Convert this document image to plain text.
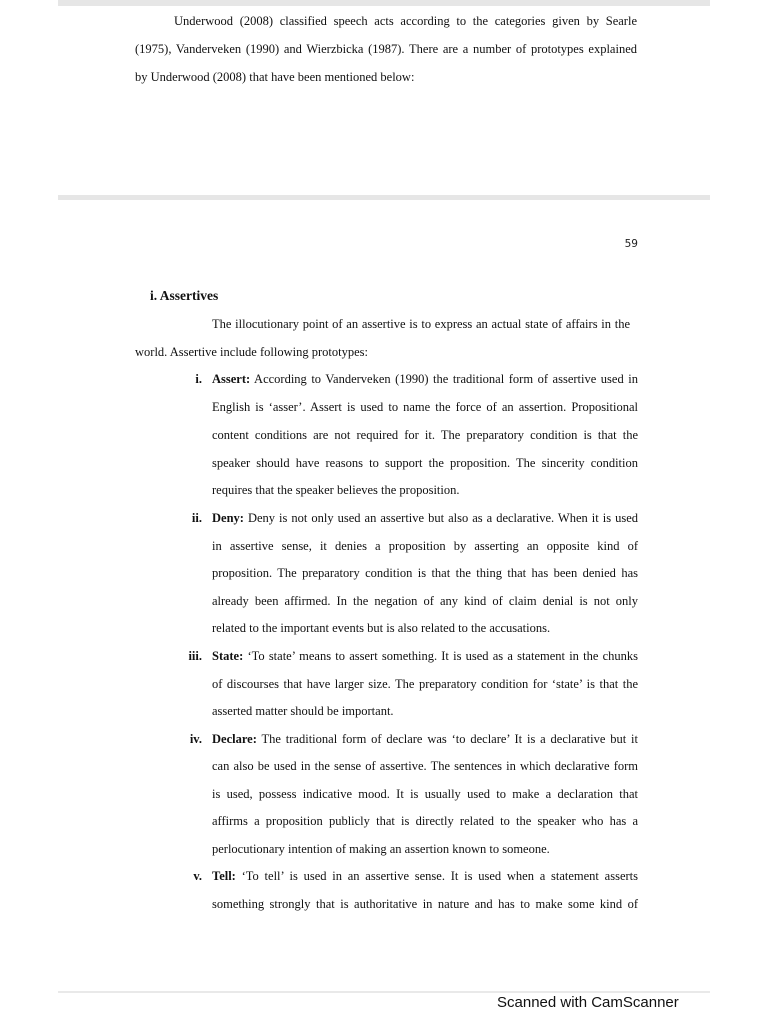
Underwood (2008) classified speech acts according to the categories given by Searle
(1975), Vanderveken (1990) and Wierzbicka (1987). There are a number of prototypes explained
by Underwood (2008) that have been mentioned below:
59
i. Assertives
The illocutionary point of an assertive is to express an actual state of affairs in the
world. Assertive include following prototypes:
i. Assert: According to Vanderveken (1990) the traditional form of assertive used in
English is ‘asser’. Assert is used to name the force of an assertion. Propositional
content conditions are not required for it. The preparatory condition is that the
speaker should have reasons to support the proposition. The sincerity condition
requires that the speaker believes the proposition.
ii. Deny: Deny is not only used an assertive but also as a declarative. When it is used
in assertive sense, it denies a proposition by asserting an opposite kind of
proposition. The preparatory condition is that the thing that has been denied has
already been affirmed. In the negation of any kind of claim denial is not only
related to the important events but is also related to the accusations.
iii. State: ‘To state’ means to assert something. It is used as a statement in the chunks
of discourses that have larger size. The preparatory condition for ‘state’ is that the
asserted matter should be important.
iv. Declare: The traditional form of declare was ‘to declare’ It is a declarative but it
can also be used in the sense of assertive. The sentences in which declarative form
is used, possess indicative mood. It is usually used to make a declaration that
affirms a proposition publicly that is directly related to the speaker who has a
perlocutionary intention of making an assertion known to someone.
v. Tell: ‘To tell’ is used in an assertive sense. It is used when a statement asserts
something strongly that is authoritative in nature and has to make some kind of
Scanned with CamScanner
